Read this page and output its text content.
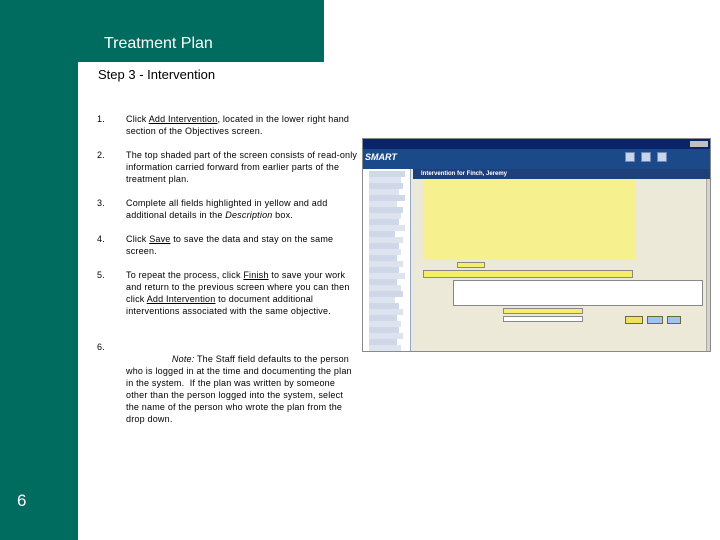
Treatment Plan
6
Step 3 - Intervention
1.	Click Add Intervention, located in the lower right hand section of the Objectives screen.
2.	The top shaded part of the screen consists of read-only information carried forward from earlier parts of the treatment plan.
3.	Complete all fields highlighted in yellow and add additional details in the Description box.
4.	Click Save to save the data and stay on the same screen.
5.	To repeat the process, click Finish to save your work and return to the previous screen where you can then click Add Intervention to document additional interventions associated with the same objective.
6.

Note: The Staff field defaults to the person who is logged in at the time and documenting the plan in the system.  If the plan was written by someone other than the person logged into the system, select the name of the person who wrote the plan from the drop down.

SMART
Intervention for Finch, Jeremy
